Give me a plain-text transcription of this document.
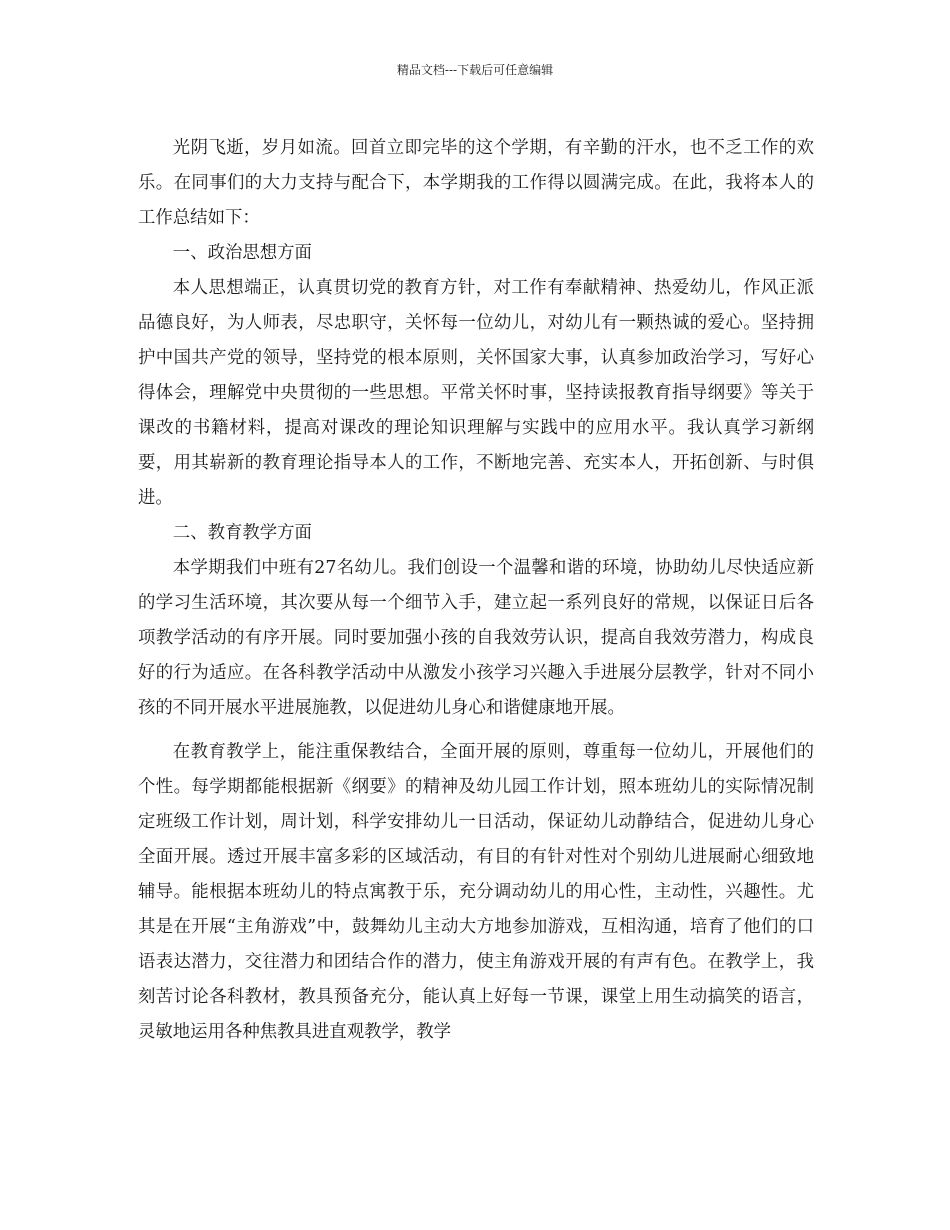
精品文档---下载后可任意编辑

光阴飞逝，岁月如流。回首立即完毕的这个学期，有辛勤的汗水，也不乏工作的欢乐。在同事们的大力支持与配合下，本学期我的工作得以圆满完成。在此，我将本人的工作总结如下：

一、政治思想方面

本人思想端正，认真贯切党的教育方针，对工作有奉献精神、热爱幼儿，作风正派品德良好，为人师表，尽忠职守，关怀每一位幼儿，对幼儿有一颗热诚的爱心。坚持拥护中国共产党的领导，坚持党的根本原则，关怀国家大事，认真参加政治学习，写好心得体会，理解党中央贯彻的一些思想。平常关怀时事，坚持读报教育指导纲要》等关于课改的书籍材料，提高对课改的理论知识理解与实践中的应用水平。我认真学习新纲要，用其崭新的教育理论指导本人的工作，不断地完善、充实本人，开拓创新、与时俱进。

二、教育教学方面

本学期我们中班有27名幼儿。我们创设一个温馨和谐的环境，协助幼儿尽快适应新的学习生活环境，其次要从每一个细节入手，建立起一系列良好的常规，以保证日后各项教学活动的有序开展。同时要加强小孩的自我效劳认识，提高自我效劳潜力，构成良好的行为适应。在各科教学活动中从激发小孩学习兴趣入手进展分层教学，针对不同小孩的不同开展水平进展施教，以促进幼儿身心和谐健康地开展。

在教育教学上，能注重保教结合，全面开展的原则，尊重每一位幼儿，开展他们的个性。每学期都能根据新《纲要》的精神及幼儿园工作计划，照本班幼儿的实际情况制定班级工作计划，周计划，科学安排幼儿一日活动，保证幼儿动静结合，促进幼儿身心全面开展。透过开展丰富多彩的区域活动，有目的有针对性对个别幼儿进展耐心细致地辅导。能根据本班幼儿的特点寓教于乐，充分调动幼儿的用心性，主动性，兴趣性。尤其是在开展“主角游戏”中，鼓舞幼儿主动大方地参加游戏，互相沟通，培育了他们的口语表达潜力，交往潜力和团结合作的潜力，使主角游戏开展的有声有色。在教学上，我刻苦讨论各科教材，教具预备充分，能认真上好每一节课，课堂上用生动搞笑的语言，灵敏地运用各种焦教具进直观教学，教学
